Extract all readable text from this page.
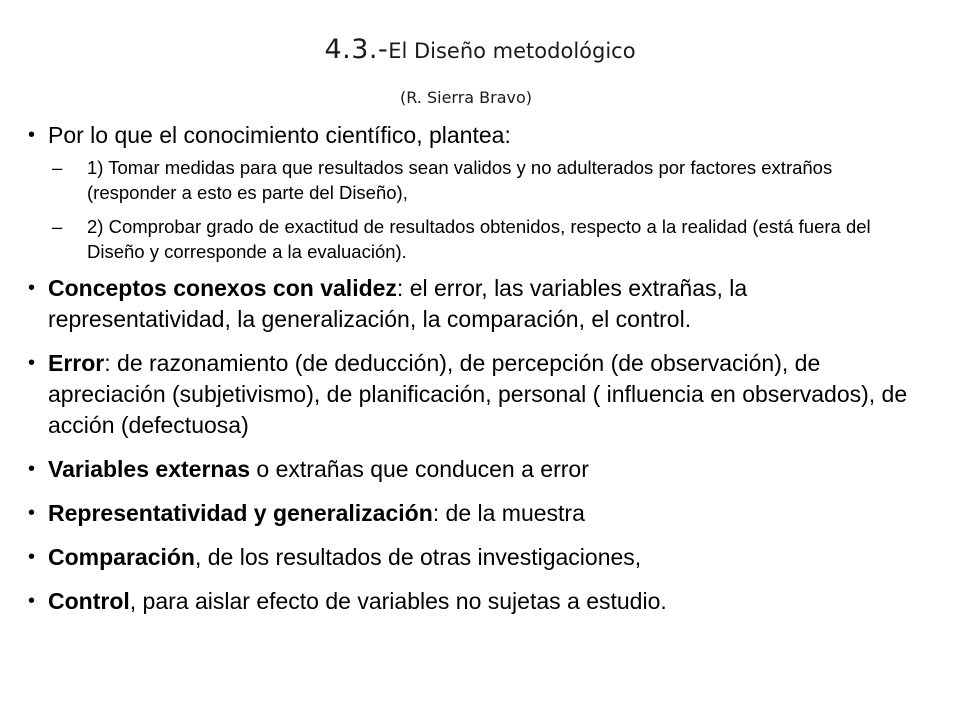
4.3.-El Diseño metodológico
(R. Sierra Bravo)
• Por lo que el conocimiento científico, plantea:
– 1) Tomar medidas para que resultados sean validos y no adulterados por factores extraños (responder a esto es parte del Diseño),
– 2) Comprobar grado de exactitud de resultados obtenidos, respecto a la realidad (está fuera del Diseño y corresponde a la evaluación).
• Conceptos conexos con validez: el error, las variables extrañas, la representatividad, la generalización, la comparación, el control.
• Error: de razonamiento (de deducción), de percepción (de observación), de apreciación (subjetivismo), de planificación, personal ( influencia en observados), de acción (defectuosa)
• Variables externas o extrañas que conducen a error
• Representatividad y generalización: de la muestra
• Comparación, de los resultados de otras investigaciones,
• Control, para aislar efecto de variables no sujetas a estudio.
